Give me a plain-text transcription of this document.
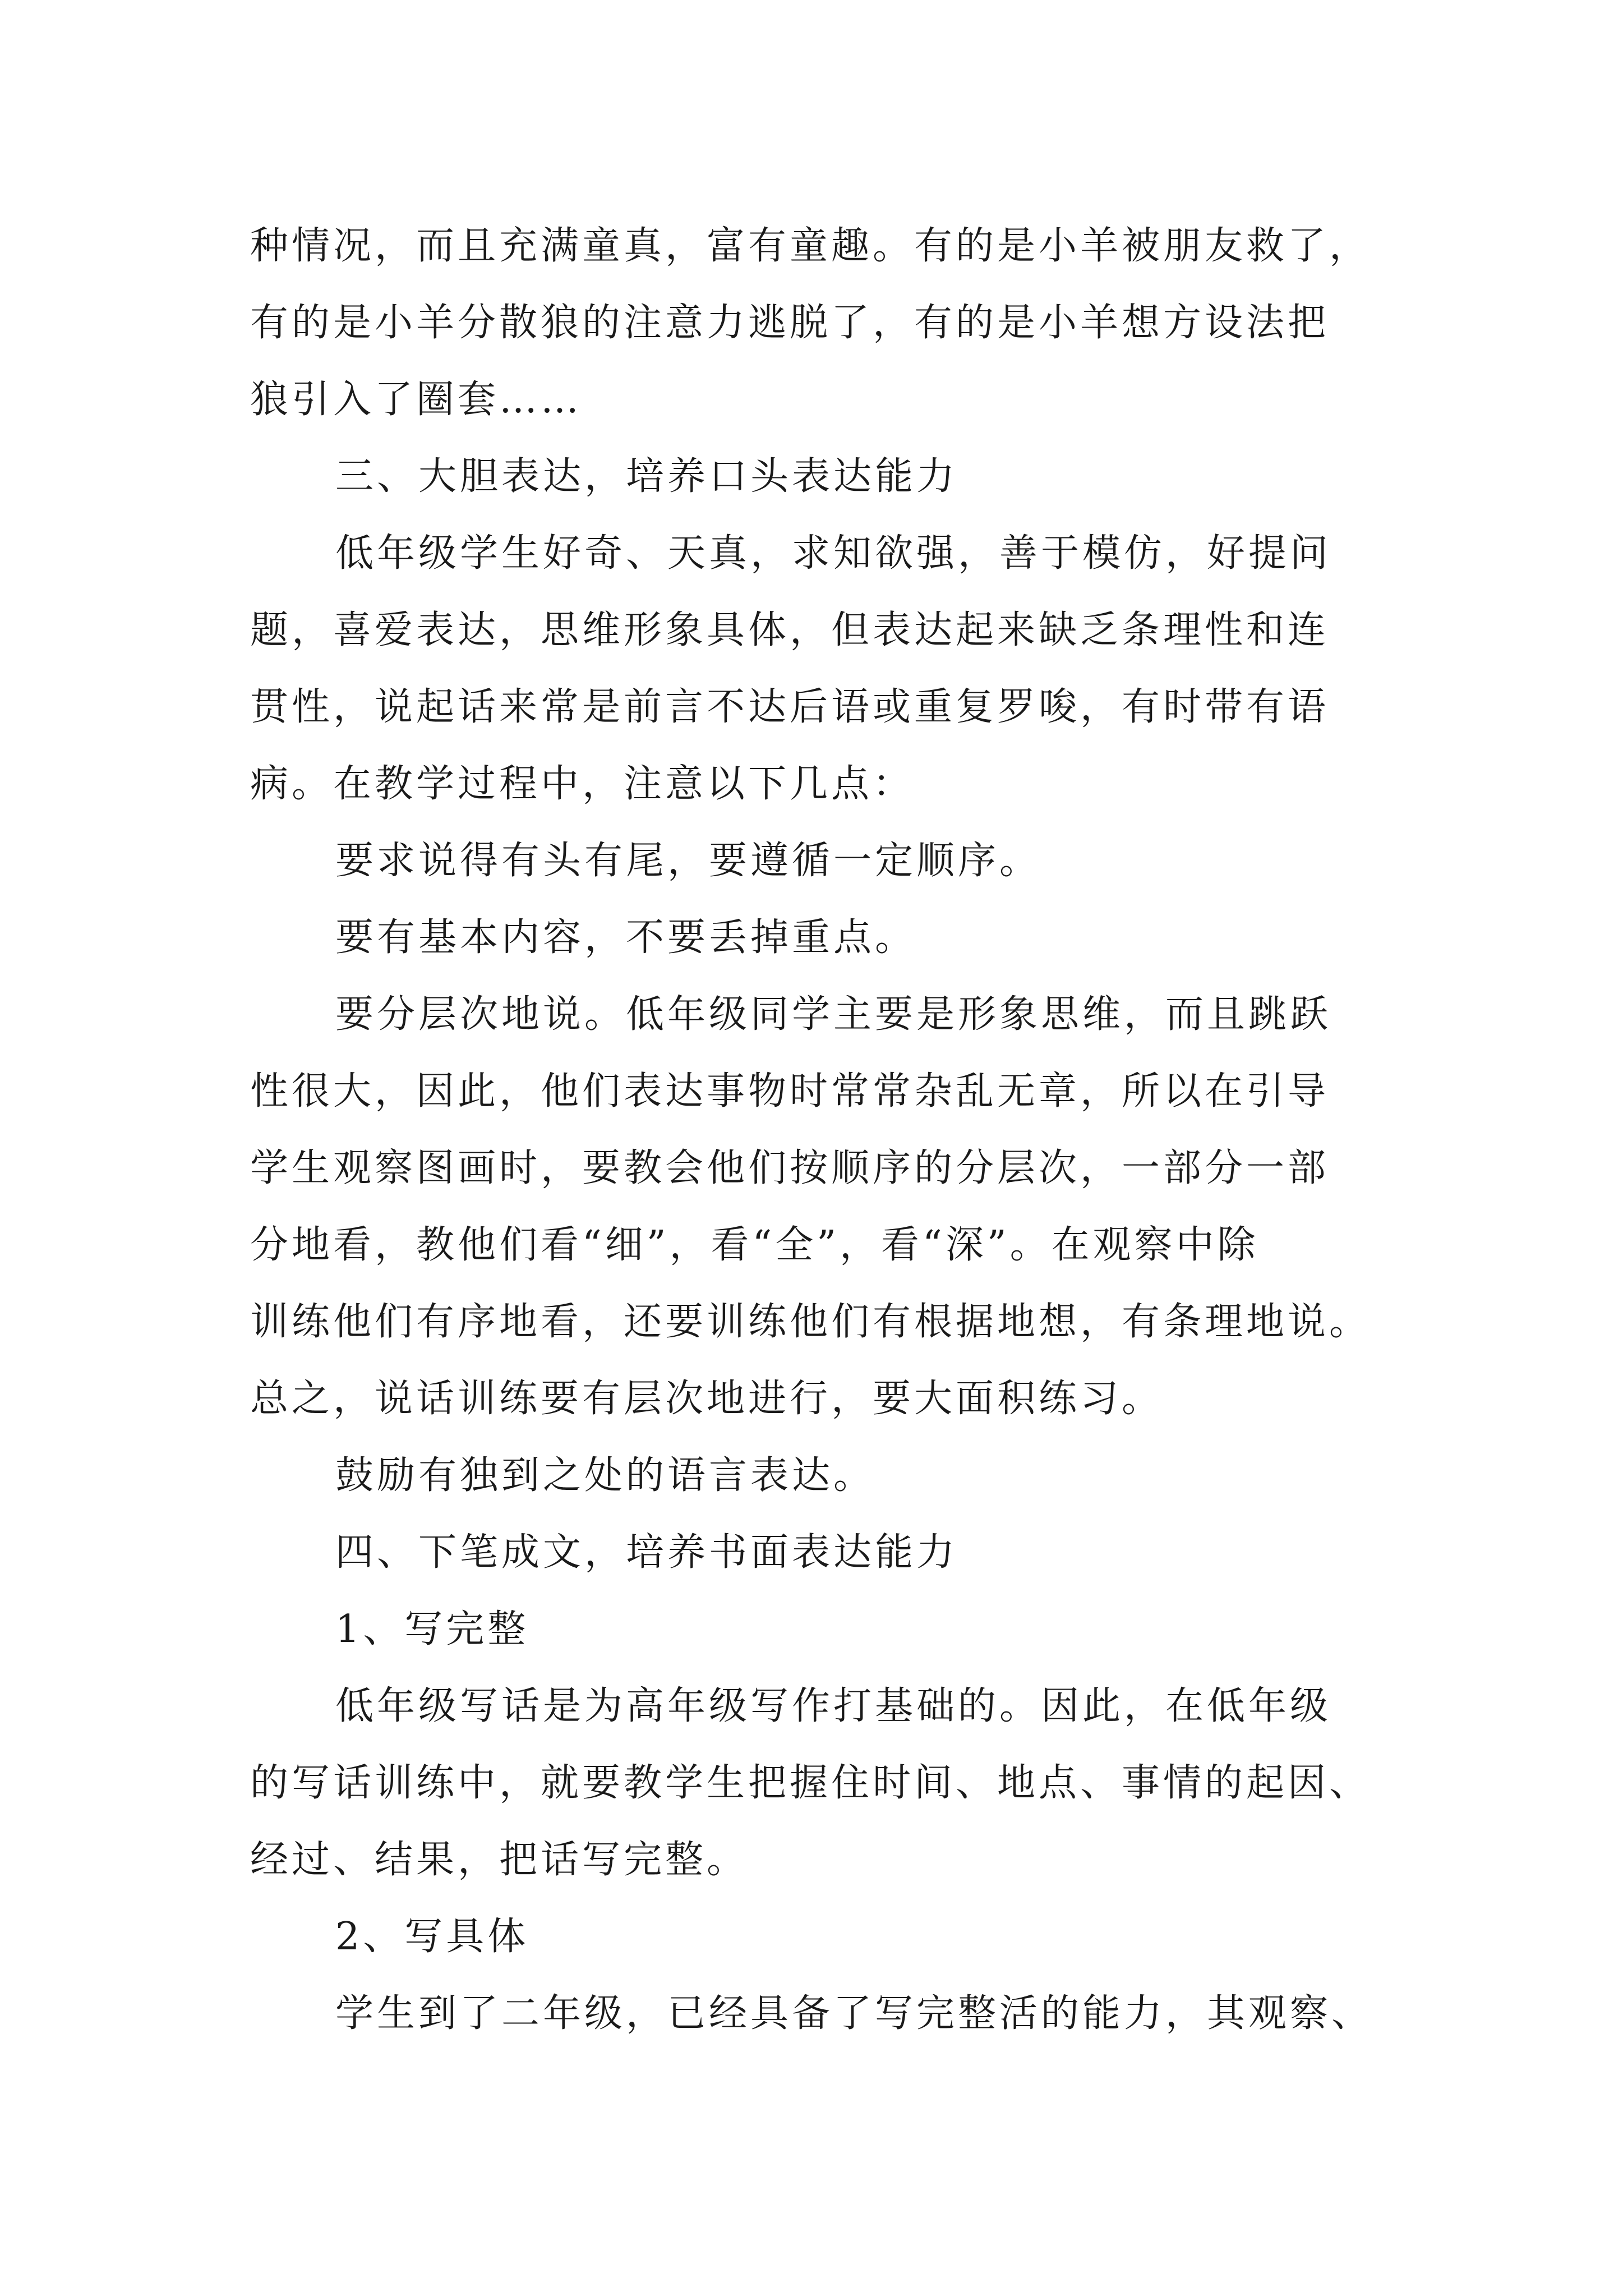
种情况，而且充满童真，富有童趣。有的是小羊被朋友救了，
有的是小羊分散狼的注意力逃脱了，有的是小羊想方设法把
狼引入了圈套……
三、大胆表达，培养口头表达能力
低年级学生好奇、天真，求知欲强，善于模仿，好提问
题，喜爱表达，思维形象具体，但表达起来缺乏条理性和连
贯性，说起话来常是前言不达后语或重复罗唆，有时带有语
病。在教学过程中，注意以下几点：
要求说得有头有尾，要遵循一定顺序。
要有基本内容，不要丢掉重点。
要分层次地说。低年级同学主要是形象思维，而且跳跃
性很大，因此，他们表达事物时常常杂乱无章，所以在引导
学生观察图画时，要教会他们按顺序的分层次，一部分一部
分地看，教他们看“细”，看“全”，看“深”。在观察中除
训练他们有序地看，还要训练他们有根据地想，有条理地说。
总之，说话训练要有层次地进行，要大面积练习。
鼓励有独到之处的语言表达。
四、下笔成文，培养书面表达能力
1、写完整
低年级写话是为高年级写作打基础的。因此，在低年级
的写话训练中，就要教学生把握住时间、地点、事情的起因、
经过、结果，把话写完整。
2、写具体
学生到了二年级，已经具备了写完整活的能力，其观察、
